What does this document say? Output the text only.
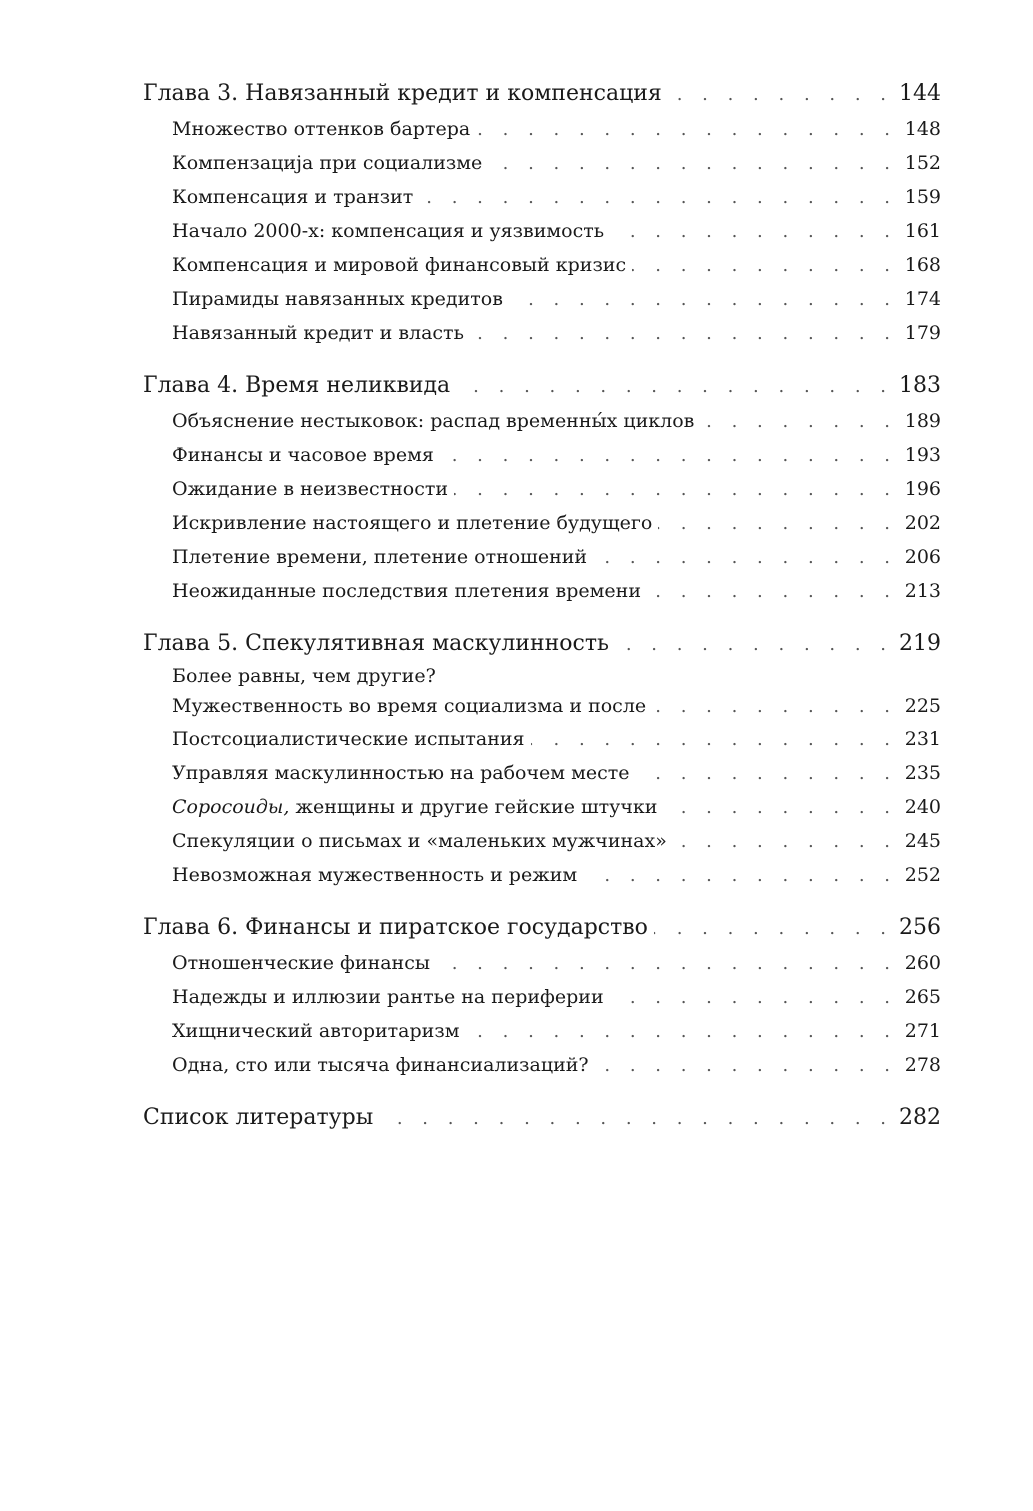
Глава 3. Навязанный кредит и компенсация . . .	144
Множество оттенков бартера . . .	148
Компензацијa при социализме . . .	152
Компенсация и транзит . . .	159
Начало 2000-х: компенсация и уязвимость . . .	161
Компенсация и мировой финансовый кризис . . .	168
Пирамиды навязанных кредитов . . .	174
Навязанный кредит и власть . . .	179
Глава 4. Время неликвида . . .	183
Объяснение нестыковок: распад временны́х циклов . . .	189
Финансы и часовое время . . .	193
Ожидание в неизвестности . . .	196
Искривление настоящего и плетение будущего . . .	202
Плетение времени, плетение отношений . . .	206
Неожиданные последствия плетения времени . . .	213
Глава 5. Спекулятивная маскулинность . . .	219
Более равны, чем другие?
Мужественность во время социализма и после . . .	225
Постсоциалистические испытания . . .	231
Управляя маскулинностью на рабочем месте . . .	235
Соросоиды, женщины и другие гейские штучки . . .	240
Спекуляции о письмах и «маленьких мужчинах» . . .	245
Невозможная мужественность и режим . . .	252
Глава 6. Финансы и пиратское государство . . .	256
Отношенческие финансы . . .	260
Надежды и иллюзии рантье на периферии . . .	265
Хищнический авторитаризм . . .	271
Одна, сто или тысяча финансиализаций? . . .	278
Список литературы . . .	282
